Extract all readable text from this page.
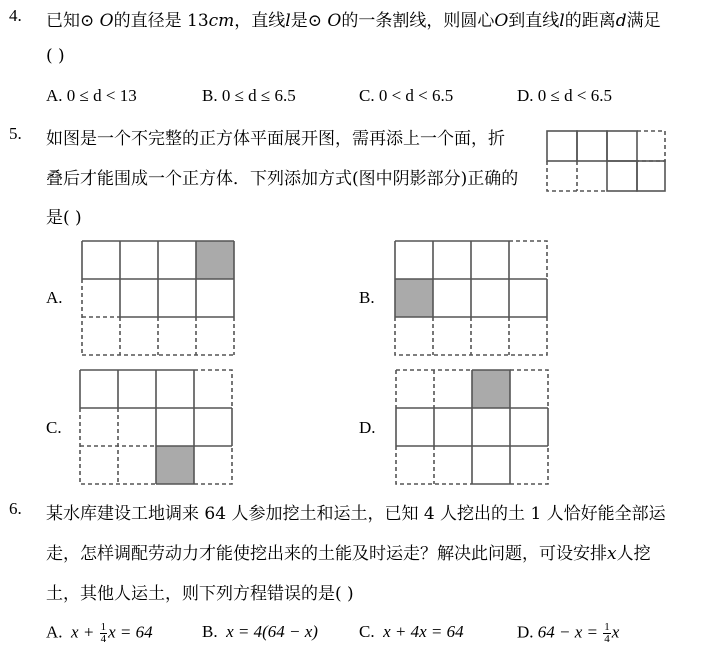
4. 已知⊙ O的直径是 13cm，直线l是⊙ O的一条割线，则圆心O到直线l的距离d满足
( )
A. 0 ≤ d < 13	B. 0 ≤ d ≤ 6.5	C. 0 < d < 6.5	D. 0 ≤ d < 6.5
5. 如图是一个不完整的正方体平面展开图，需再添上一个面，折
叠后才能围成一个正方体．下列添加方式(图中阴影部分)正确的
是( )
A.	B.
C.	D.
6. 某水库建设工地调来 64 人参加挖土和运土，已知 4 人挖出的土 1 人恰好能全部运
走，怎样调配劳动力才能使挖出来的土能及时运走？解决此问题，可设安排x人挖
土，其他人运土，则下列方程错误的是( )
A. $x + \frac{1}{4}$ x = 64	B. x = 4(64 − x) C. x + 4x = 64	D. $64 - x = \frac{1}{4}$ x
